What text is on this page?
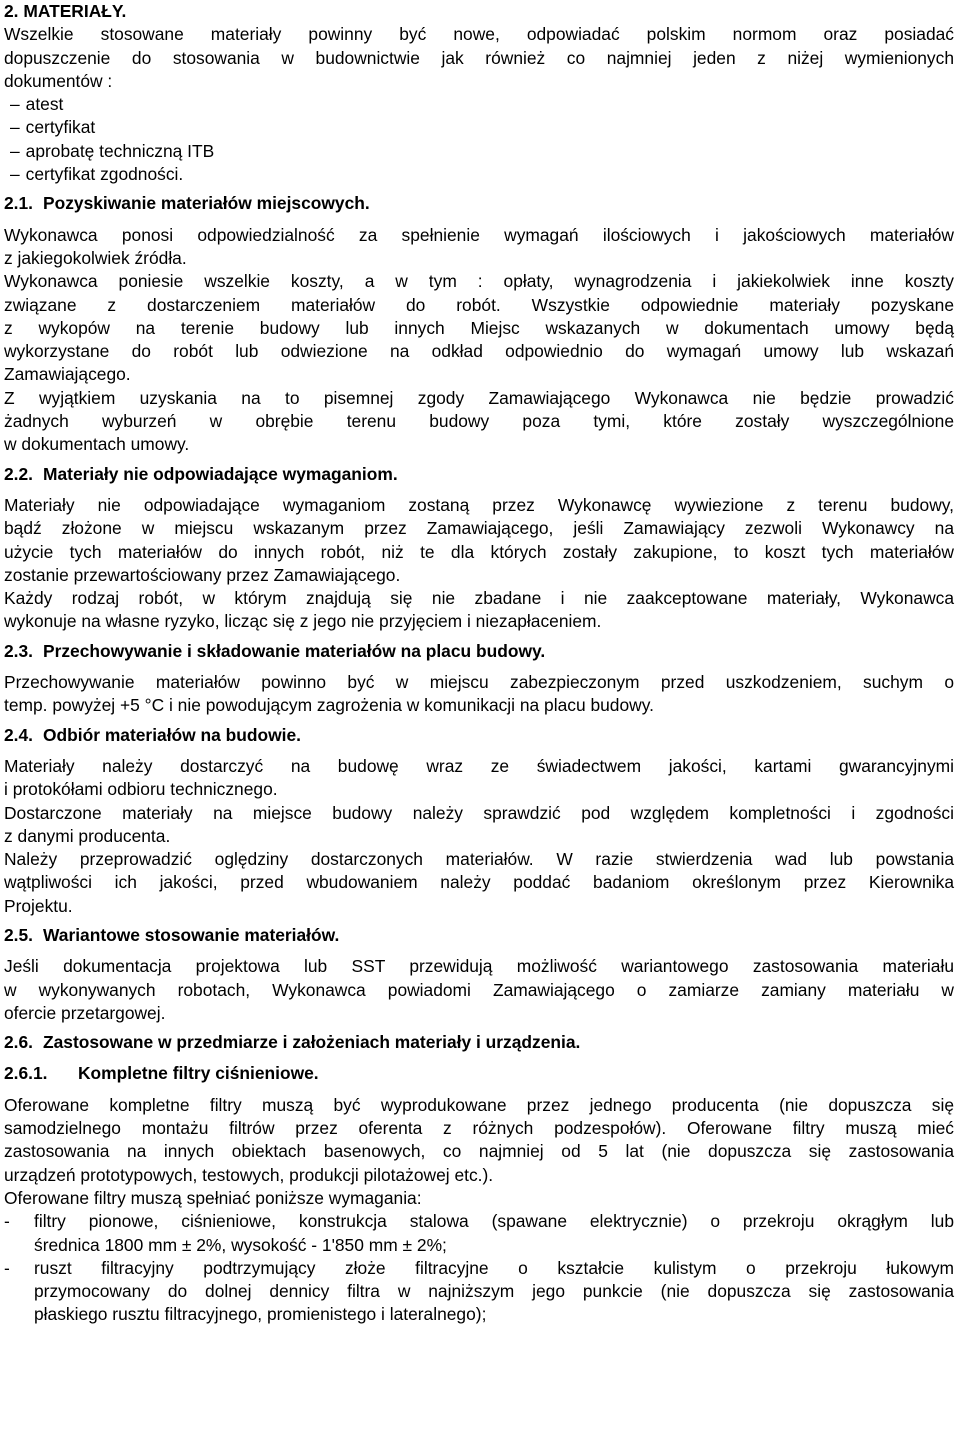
2. MATERIAŁY.

Wszelkie stosowane materiały powinny być nowe, odpowiadać polskim normom oraz posiadać

dopuszczenie do stosowania w budownictwie jak również co najmniej jeden z niżej wymienionych

dokumentów :

– atest
– certyfikat
– aprobatę techniczną ITB
– certyfikat zgodności.
2.1. Pozyskiwanie materiałów miejscowych.

Wykonawca ponosi odpowiedzialność za spełnienie wymagań ilościowych i jakościowych materiałów

z jakiegokolwiek źródła.

Wykonawca poniesie wszelkie koszty, a w tym : opłaty, wynagrodzenia i jakiekolwiek inne koszty

związane z dostarczeniem materiałów do robót. Wszystkie odpowiednie materiały pozyskane

z wykopów na terenie budowy lub innych Miejsc wskazanych w dokumentach umowy będą

wykorzystane do robót lub odwiezione na odkład odpowiednio do wymagań umowy lub wskazań

Zamawiającego.

Z wyjątkiem uzyskania na to pisemnej zgody Zamawiającego Wykonawca nie będzie prowadzić

żadnych wyburzeń w obrębie terenu budowy poza tymi, które zostały wyszczególnione

w dokumentach umowy.

2.2. Materiały nie odpowiadające wymaganiom.

Materiały nie odpowiadające wymaganiom zostaną przez Wykonawcę wywiezione z terenu budowy,

bądź złożone w miejscu wskazanym przez Zamawiającego, jeśli Zamawiający zezwoli Wykonawcy na

użycie tych materiałów do innych robót, niż te dla których zostały zakupione, to koszt tych materiałów

zostanie przewartościowany przez Zamawiającego.

Każdy rodzaj robót, w którym znajdują się nie zbadane i nie zaakceptowane materiały, Wykonawca

wykonuje na własne ryzyko, licząc się z jego nie przyjęciem i niezapłaceniem.

2.3. Przechowywanie i składowanie materiałów na placu budowy.

Przechowywanie materiałów powinno być w miejscu zabezpieczonym przed uszkodzeniem, suchym o

temp. powyżej +5 °C i nie powodującym zagrożenia w komunikacji na placu budowy.

2.4. Odbiór materiałów na budowie.

Materiały należy dostarczyć na budowę wraz ze świadectwem jakości, kartami gwarancyjnymi

i protokółami odbioru technicznego.

Dostarczone materiały na miejsce budowy należy sprawdzić pod względem kompletności i zgodności

z danymi producenta.

Należy przeprowadzić oględziny dostarczonych materiałów. W razie stwierdzenia wad lub powstania

wątpliwości ich jakości, przed wbudowaniem należy poddać badaniom określonym przez Kierownika

Projektu.

2.5. Wariantowe stosowanie materiałów.

Jeśli dokumentacja projektowa lub SST przewidują możliwość wariantowego zastosowania materiału

w wykonywanych robotach, Wykonawca powiadomi Zamawiającego o zamiarze zamiany materiału w

ofercie przetargowej.

2.6. Zastosowane w przedmiarze i założeniach materiały i urządzenia.
2.6.1. Kompletne filtry ciśnieniowe.

Oferowane kompletne filtry muszą być wyprodukowane przez jednego producenta (nie dopuszcza się

samodzielnego montażu filtrów przez oferenta z różnych podzespołów). Oferowane filtry muszą mieć

zastosowania na innych obiektach basenowych, co najmniej od 5 lat (nie dopuszcza się zastosowania

urządzeń prototypowych, testowych, produkcji pilotażowej etc.).

Oferowane filtry muszą spełniać poniższe wymagania:

-	filtry pionowe, ciśnieniowe, konstrukcja stalowa (spawane elektrycznie) o przekroju okrągłym lub
średnica 1800 mm ± 2%, wysokość - 1'850 mm ± 2%;
-	ruszt filtracyjny podtrzymujący złoże filtracyjne o kształcie kulistym o przekroju łukowym
przymocowany do dolnej dennicy filtra w najniższym jego punkcie (nie dopuszcza się zastosowania
płaskiego rusztu filtracyjnego, promienistego i lateralnego);
